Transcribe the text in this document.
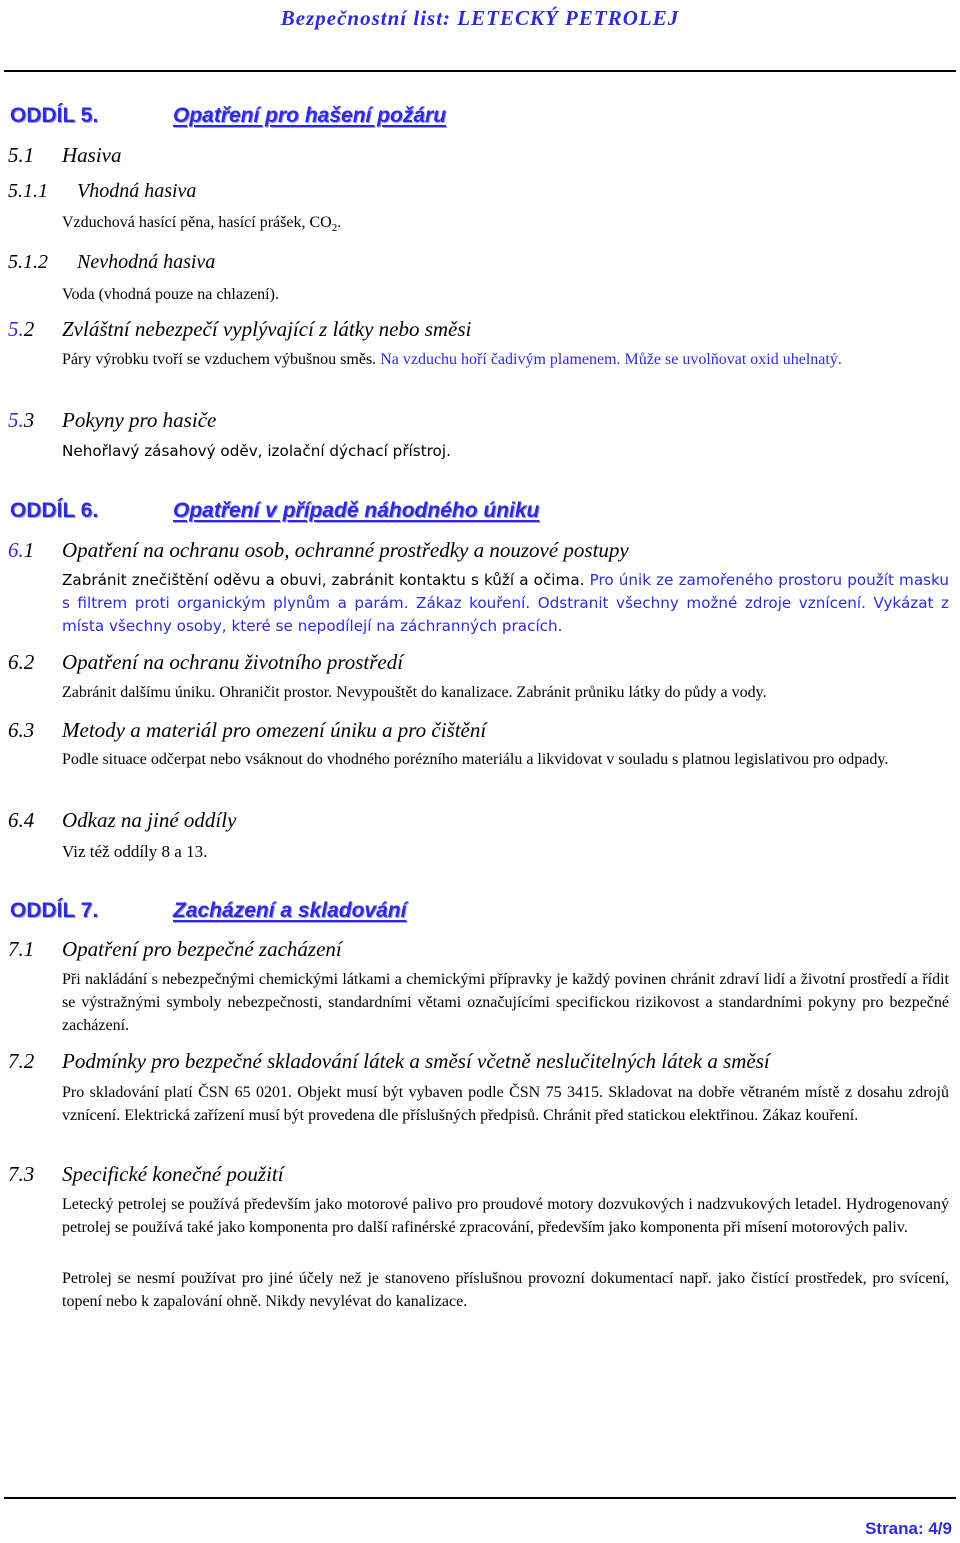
Bezpečnostní list: LETECKÝ PETROLEJ
ODDÍL 5.	Opatření pro hašení požáru
5.1 Hasiva
5.1.1 Vhodná hasiva
Vzduchová hasící pěna, hasící prášek, $CO_2$.
5.1.2 Nevhodná hasiva
Voda (vhodná pouze na chlazení).
5.2 Zvláštní nebezpečí vyplývající z látky nebo směsi
Páry výrobku tvoří se vzduchem výbušnou směs. Na vzduchu hoří čadivým plamenem. Může se uvolňovat oxid uhelnatý.
5.3 Pokyny pro hasiče
Nehořlavý zásahový oděv, izolační dýchací přístroj.
ODDÍL 6.	Opatření v případě náhodného úniku
6.1 Opatření na ochranu osob, ochranné prostředky a nouzové postupy
Zabránit znečištění oděvu a obuvi, zabránit kontaktu s kůží a očima. Pro únik ze zamořeného prostoru použít masku s filtrem proti organickým plynům a parám. Zákaz kouření. Odstranit všechny možné zdroje vznícení. Vykázat z místa všechny osoby, které se nepodílejí na záchranných pracích.
6.2 Opatření na ochranu životního prostředí
Zabránit dalšímu úniku. Ohraničit prostor. Nevypouštět do kanalizace. Zabránit průniku látky do půdy a vody.
6.3 Metody a materiál pro omezení úniku a pro čištění
Podle situace odčerpat nebo vsáknout do vhodného porézního materiálu a likvidovat v souladu s platnou legislativou pro odpady.
6.4 Odkaz na jiné oddíly
Viz též oddíly 8 a 13.
ODDÍL 7.	Zacházení a skladování
7.1 Opatření pro bezpečné zacházení
Při nakládání s nebezpečnými chemickými látkami a chemickými přípravky je každý povinen chránit zdraví lidí a životní prostředí a řídit se výstražnými symboly nebezpečnosti, standardními větami označujícími specifickou rizikovost a standardními pokyny pro bezpečné zacházení.
7.2 Podmínky pro bezpečné skladování látek a směsí včetně neslučitelných látek a směsí
Pro skladování platí ČSN 65 0201. Objekt musí být vybaven podle ČSN 75 3415. Skladovat na dobře větraném místě z dosahu zdrojů vznícení. Elektrická zařízení musí být provedena dle příslušných předpisů. Chránit před statickou elektřinou. Zákaz kouření.
7.3 Specifické konečné použití
Letecký petrolej se používá především jako motorové palivo pro proudové motory dozvukových i nadzvukových letadel. Hydrogenovaný petrolej se používá také jako komponenta pro další rafinérské zpracování, především jako komponenta při mísení motorových paliv.
Petrolej se nesmí používat pro jiné účely než je stanoveno příslušnou provozní dokumentací např. jako čistící prostředek, pro svícení, topení nebo k zapalování ohně. Nikdy nevylévat do kanalizace.
Strana: 4/9
